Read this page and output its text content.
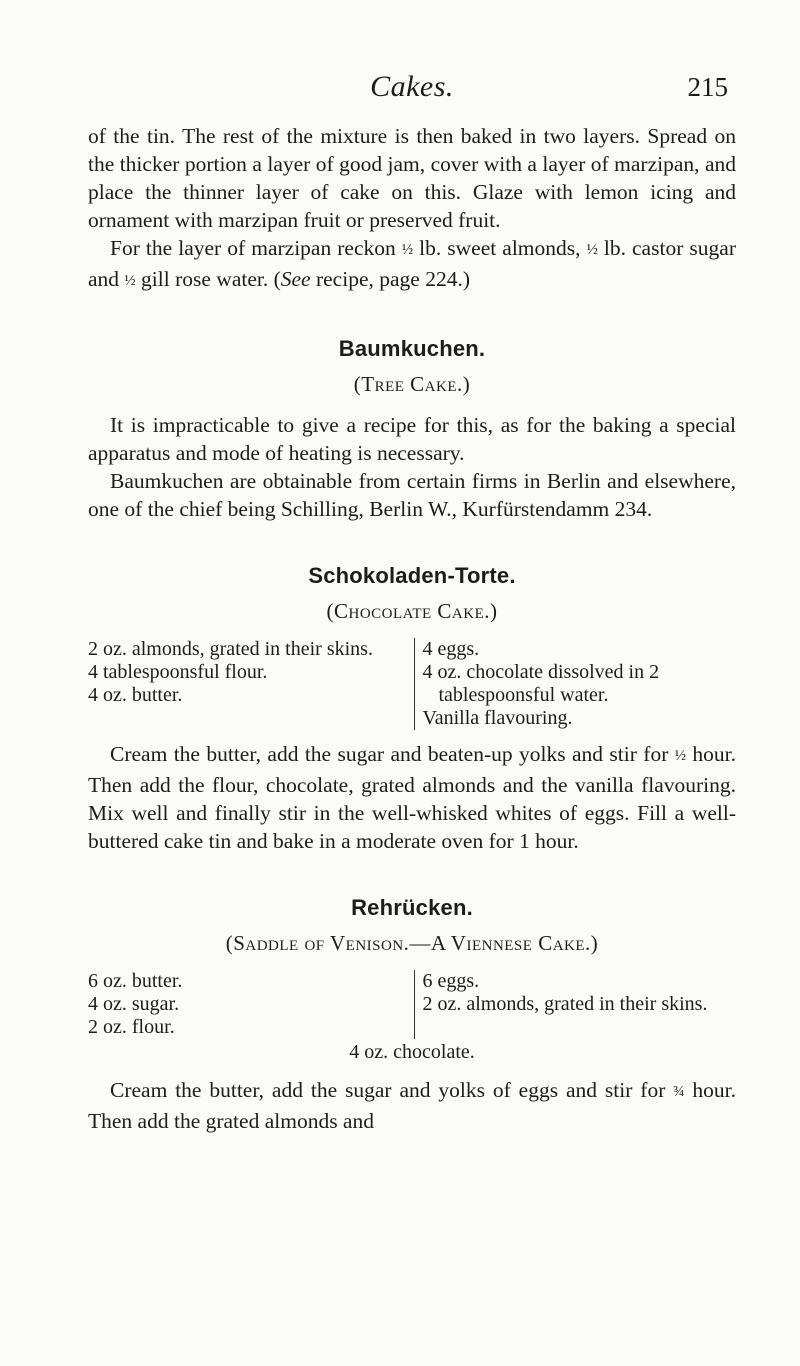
Cakes.	215

of the tin. The rest of the mixture is then baked in two layers. Spread on the thicker portion a layer of good jam, cover with a layer of marzipan, and place the thinner layer of cake on this. Glaze with lemon icing and ornament with marzipan fruit or preserved fruit.

For the layer of marzipan reckon ½ lb. sweet almonds, ½ lb. castor sugar and ½ gill rose water. (See recipe, page 224.)

Baumkuchen.
(Tree Cake.)

It is impracticable to give a recipe for this, as for the baking a special apparatus and mode of heating is necessary.

Baumkuchen are obtainable from certain firms in Berlin and elsewhere, one of the chief being Schilling, Berlin W., Kurfürstendamm 234.

Schokoladen-Torte.
(Chocolate Cake.)
2 oz. almonds, grated in their skins.
4 tablespoonsful flour.
4 oz. butter.
4 eggs.
4 oz. chocolate dissolved in 2 tablespoonsful water.
Vanilla flavouring.

Cream the butter, add the sugar and beaten-up yolks and stir for ½ hour. Then add the flour, chocolate, grated almonds and the vanilla flavouring. Mix well and finally stir in the well-whisked whites of eggs. Fill a well-buttered cake tin and bake in a moderate oven for 1 hour.

Rehrücken.
(Saddle of Venison.—A Viennese Cake.)
6 oz. butter.
4 oz. sugar.
2 oz. flour.
6 eggs.
2 oz. almonds, grated in their skins.
4 oz. chocolate.

Cream the butter, add the sugar and yolks of eggs and stir for ¾ hour. Then add the grated almonds and
